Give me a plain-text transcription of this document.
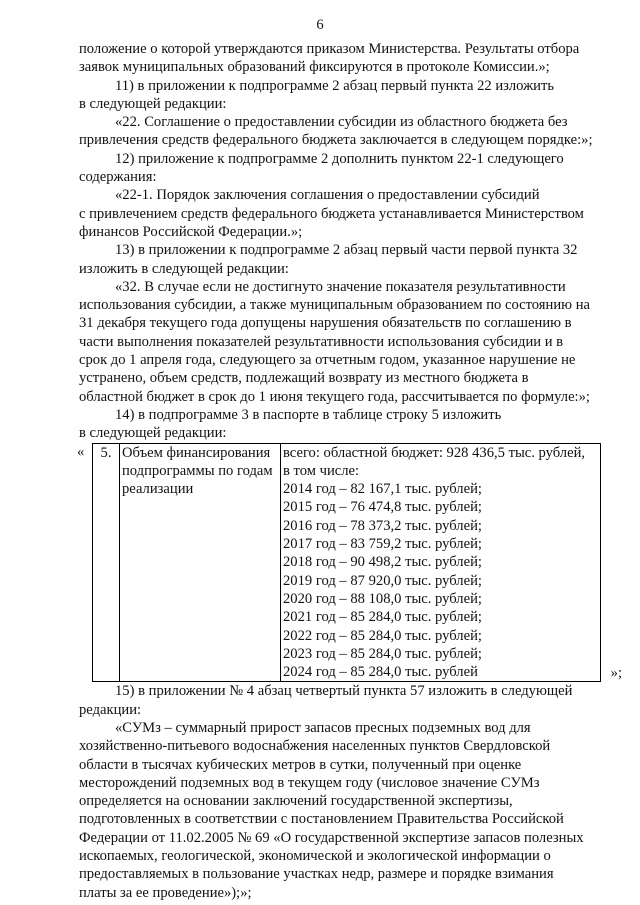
6

положение о которой утверждаются приказом Министерства. Результаты отбора

заявок муниципальных образований фиксируются в протоколе Комиссии.»;

11) в приложении к подпрограмме 2 абзац первый пункта 22 изложить

в следующей редакции:

«22. Соглашение о предоставлении субсидии из областного бюджета без

привлечения средств федерального бюджета заключается в следующем порядке:»;

12) приложение к подпрограмме 2 дополнить пунктом 22-1 следующего

содержания:

«22-1. Порядок заключения соглашения о предоставлении субсидий

с привлечением средств федерального бюджета устанавливается Министерством

финансов Российской Федерации.»;

13) в приложении к подпрограмме 2 абзац первый части первой пункта 32

изложить в следующей редакции:

«32. В случае если не достигнуто значение показателя результативности

использования субсидии, а также муниципальным образованием по состоянию на

31 декабря текущего года допущены нарушения обязательств по соглашению в

части выполнения показателей результативности использования субсидии и в

срок до 1 апреля года, следующего за отчетным годом, указанное нарушение не

устранено, объем средств, подлежащий возврату из местного бюджета в

областной бюджет в срок до 1 июня текущего года, рассчитывается по формуле:»;

14) в подпрограмме 3 в паспорте в таблице строку 5 изложить

в следующей редакции:

« 5.	Объем финансирования
подпрограммы по годам
реализации

всего: областной бюджет: 928 436,5 тыс. рублей,
в том числе:
2014 год – 82 167,1 тыс. рублей;
2015 год – 76 474,8 тыс. рублей;
2016 год – 78 373,2 тыс. рублей;
2017 год – 83 759,2 тыс. рублей;
2018 год – 90 498,2 тыс. рублей;
2019 год – 87 920,0 тыс. рублей;
2020 год – 88 108,0 тыс. рублей;
2021 год – 85 284,0 тыс. рублей;
2022 год – 85 284,0 тыс. рублей;
2023 год – 85 284,0 тыс. рублей;
2024 год – 85 284,0 тыс. рублей	»;

15) в приложении № 4 абзац четвертый пункта 57 изложить в следующей

редакции:

«СУМз – суммарный прирост запасов пресных подземных вод для

хозяйственно-питьевого водоснабжения населенных пунктов Свердловской

области в тысячах кубических метров в сутки, полученный при оценке

месторождений подземных вод в текущем году (числовое значение СУМз

определяется на основании заключений государственной экспертизы,

подготовленных в соответствии с постановлением Правительства Российской

Федерации от 11.02.2005 № 69 «О государственной экспертизе запасов полезных

ископаемых, геологической, экономической и экологической информации о

предоставляемых в пользование участках недр, размере и порядке взимания

платы за ее проведение»);»;
